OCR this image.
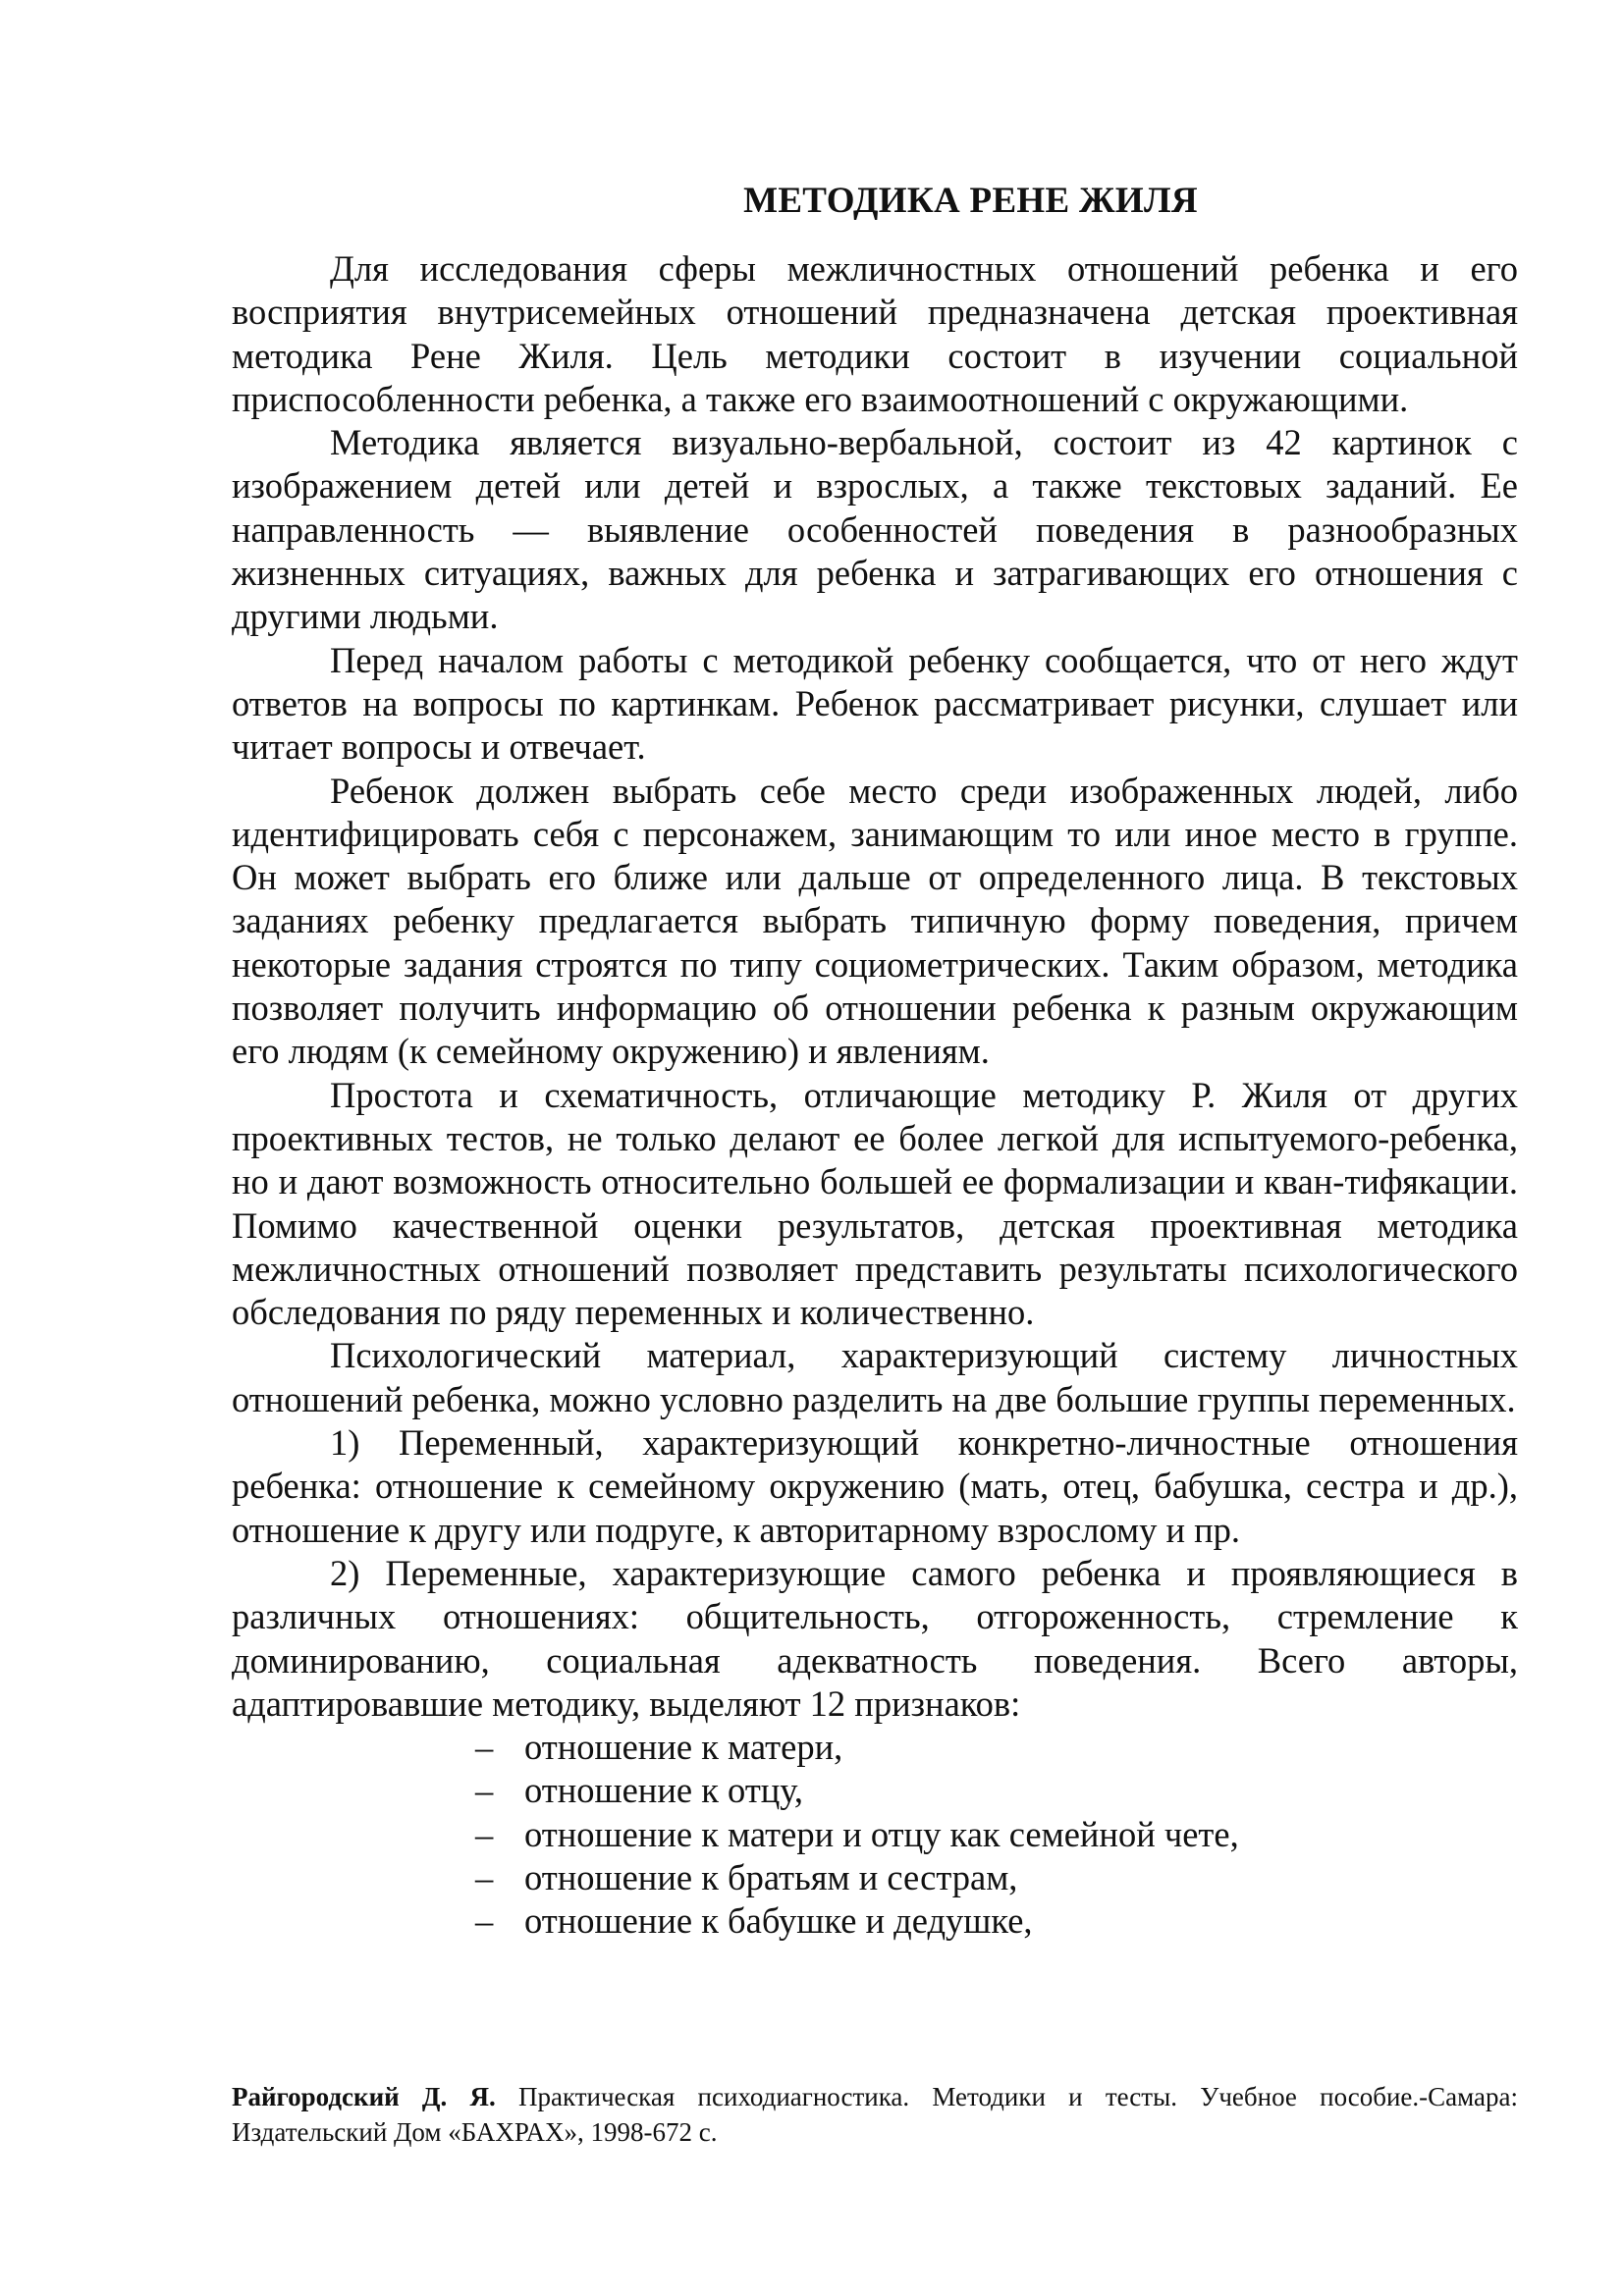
МЕТОДИКА РЕНЕ ЖИЛЯ

Для исследования сферы межличностных отношений ребенка и его восприятия внутрисемейных отношений предназначена детская проективная методика Рене Жиля. Цель методики состоит в изучении социальной приспособленности ребенка, а также его взаимоотношений с окружающими.

Методика является визуально-вербальной, состоит из 42 картинок с изображением детей или детей и взрослых, а также текстовых заданий. Ее направленность — выявление особенностей поведения в разнообразных жизненных ситуациях, важных для ребенка и затрагивающих его отношения с другими людьми.

Перед началом работы с методикой ребенку сообщается, что от него ждут ответов на вопросы по картинкам. Ребенок рассматривает рисунки, слушает или читает вопросы и отвечает.

Ребенок должен выбрать себе место среди изображенных людей, либо идентифицировать себя с персонажем, занимающим то или иное место в группе. Он может выбрать его ближе или дальше от определенного лица. В текстовых заданиях ребенку предлагается выбрать типичную форму поведения, причем некоторые задания строятся по типу социометрических. Таким образом, методика позволяет получить информацию об отношении ребенка к разным окружающим его людям (к семейному окружению) и явлениям.

Простота и схематичность, отличающие методику Р. Жиля от других проективных тестов, не только делают ее более легкой для испытуемого-ребенка, но и дают возможность относительно большей ее формализации и кван-тифякации. Помимо качественной оценки результатов, детская проективная методика межличностных отношений позволяет представить результаты психологического обследования по ряду переменных и количественно.

Психологический материал, характеризующий систему личностных отношений ребенка, можно условно разделить на две большие группы переменных.

1) Переменный, характеризующий конкретно-личностные отношения ребенка: отношение к семейному окружению (мать, отец, бабушка, сестра и др.), отношение к другу или подруге, к авторитарному взрослому и пр.

2) Переменные, характеризующие самого ребенка и проявляющиеся в различных отношениях: общительность, отгороженность, стремление к доминированию, социальная адекватность поведения. Всего авторы, адаптировавшие методику, выделяют 12 признаков:

– отношение к матери,
– отношение к отцу,
– отношение к матери и отцу как семейной чете,
– отношение к братьям и сестрам,
– отношение к бабушке и дедушке,
Райгородский Д. Я. Практическая психодиагностика. Методики и тесты. Учебное пособие.-Самара: Издательский Дом «БАХРАХ», 1998-672 с.
